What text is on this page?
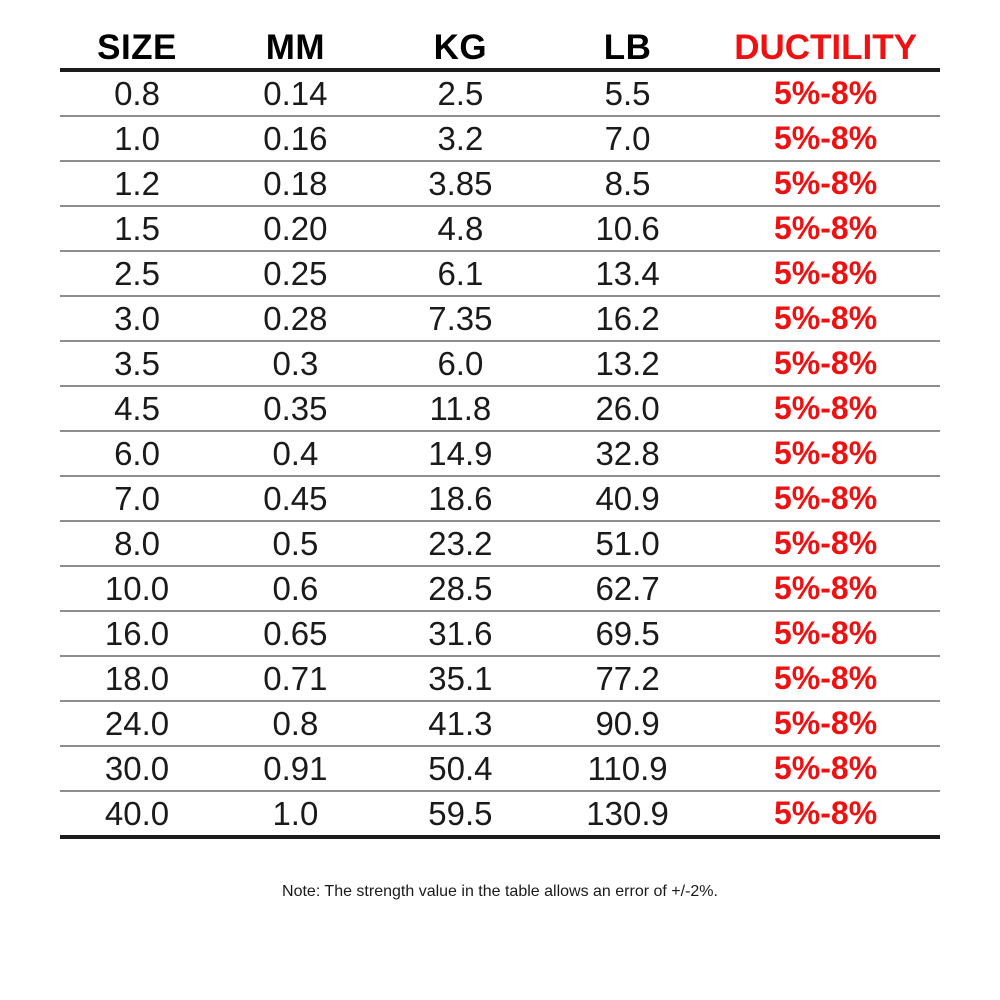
SIZE	MM	KG	LB	DUCTILITY
0.8	0.14	2.5	5.5	5%-8%
1.0	0.16	3.2	7.0	5%-8%
1.2	0.18	3.85	8.5	5%-8%
1.5	0.20	4.8	10.6	5%-8%
2.5	0.25	6.1	13.4	5%-8%
3.0	0.28	7.35	16.2	5%-8%
3.5	0.3	6.0	13.2	5%-8%
4.5	0.35	11.8	26.0	5%-8%
6.0	0.4	14.9	32.8	5%-8%
7.0	0.45	18.6	40.9	5%-8%
8.0	0.5	23.2	51.0	5%-8%
10.0	0.6	28.5	62.7	5%-8%
16.0	0.65	31.6	69.5	5%-8%
18.0	0.71	35.1	77.2	5%-8%
24.0	0.8	41.3	90.9	5%-8%
30.0	0.91	50.4	110.9	5%-8%
40.0	1.0	59.5	130.9	5%-8%
Note: The strength value in the table allows an error of +/-2%.
